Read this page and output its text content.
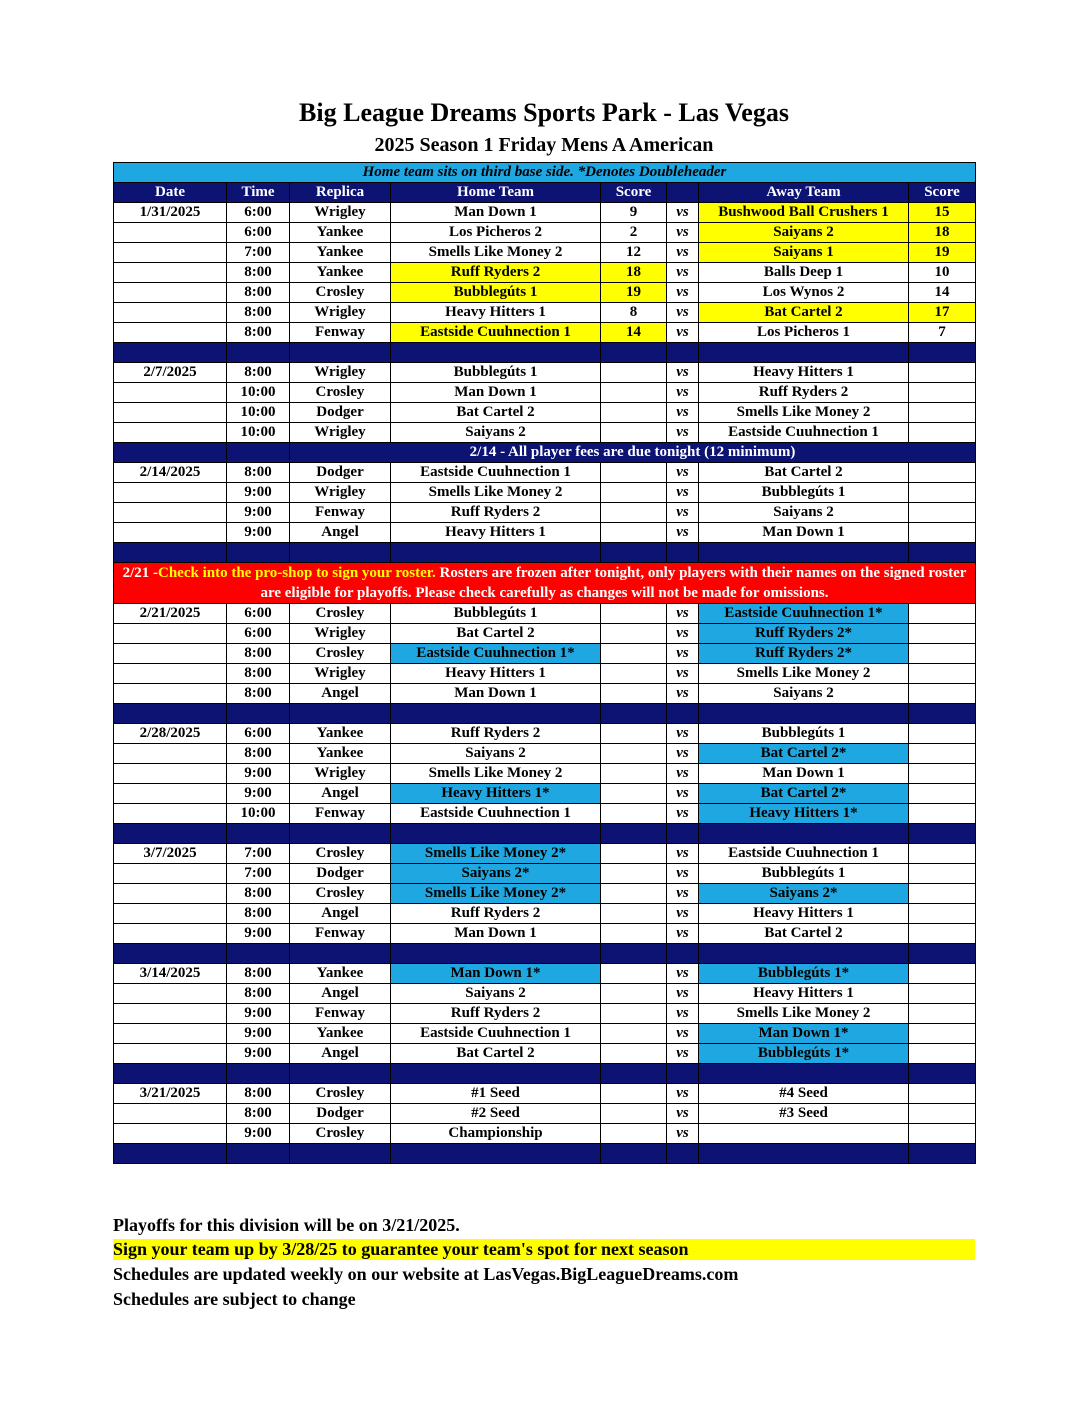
Big League Dreams Sports Park - Las Vegas
2025 Season 1 Friday Mens A American
Home team sits on third base side. *Denotes Doubleheader							
Date	Time	Replica	Home Team	Score		Away Team	Score
1/31/2025	6:00	Wrigley	Man Down 1	9	vs	Bushwood Ball Crushers 1	15
	6:00	Yankee	Los Picheros 2	2	vs	Saiyans 2	18
	7:00	Yankee	Smells Like Money 2	12	vs	Saiyans 1	19
	8:00	Yankee	Ruff Ryders 2	18	vs	Balls Deep 1	10
	8:00	Crosley	Bubblegúts 1	19	vs	Los Wynos 2	14
	8:00	Wrigley	Heavy Hitters 1	8	vs	Bat Cartel 2	17
	8:00	Fenway	Eastside Cuuhnection 1	14	vs	Los Picheros 1	7

2/7/2025	8:00	Wrigley	Bubblegúts 1		vs	Heavy Hitters 1	
	10:00	Crosley	Man Down 1		vs	Ruff Ryders 2	
	10:00	Dodger	Bat Cartel 2		vs	Smells Like Money 2	
	10:00	Wrigley	Saiyans 2		vs	Eastside Cuuhnection 1	
		2/14 - All player fees are due tonight (12 minimum)					
2/14/2025	8:00	Dodger	Eastside Cuuhnection 1		vs	Bat Cartel 2	
	9:00	Wrigley	Smells Like Money 2		vs	Bubblegúts 1	
	9:00	Fenway	Ruff Ryders 2		vs	Saiyans 2	
	9:00	Angel	Heavy Hitters 1		vs	Man Down 1	

2/21 -Check into the pro-shop to sign your roster. Rosters are frozen after tonight, only players with their names on the signed roster are eligible for playoffs. Please check carefully as changes will not be made for omissions.							
2/21/2025	6:00	Crosley	Bubblegúts 1		vs	Eastside Cuuhnection 1*	
	6:00	Wrigley	Bat Cartel 2		vs	Ruff Ryders 2*	
	8:00	Crosley	Eastside Cuuhnection 1*		vs	Ruff Ryders 2*	
	8:00	Wrigley	Heavy Hitters 1		vs	Smells Like Money 2	
	8:00	Angel	Man Down 1		vs	Saiyans 2	

2/28/2025	6:00	Yankee	Ruff Ryders 2		vs	Bubblegúts 1	
	8:00	Yankee	Saiyans 2		vs	Bat Cartel 2*	
	9:00	Wrigley	Smells Like Money 2		vs	Man Down 1	
	9:00	Angel	Heavy Hitters 1*		vs	Bat Cartel 2*	
	10:00	Fenway	Eastside Cuuhnection 1		vs	Heavy Hitters 1*	

3/7/2025	7:00	Crosley	Smells Like Money 2*		vs	Eastside Cuuhnection 1	
	7:00	Dodger	Saiyans 2*		vs	Bubblegúts 1	
	8:00	Crosley	Smells Like Money 2*		vs	Saiyans 2*	
	8:00	Angel	Ruff Ryders 2		vs	Heavy Hitters 1	
	9:00	Fenway	Man Down 1		vs	Bat Cartel 2	

3/14/2025	8:00	Yankee	Man Down 1*		vs	Bubblegúts 1*	
	8:00	Angel	Saiyans 2		vs	Heavy Hitters 1	
	9:00	Fenway	Ruff Ryders 2		vs	Smells Like Money 2	
	9:00	Yankee	Eastside Cuuhnection 1		vs	Man Down 1*	
	9:00	Angel	Bat Cartel 2		vs	Bubblegúts 1*	

3/21/2025	8:00	Crosley	#1 Seed		vs	#4 Seed	
	8:00	Dodger	#2 Seed		vs	#3 Seed	
	9:00	Crosley	Championship		vs		

Playoffs for this division will be on 3/21/2025.
Sign your team up by 3/28/25 to guarantee your team's spot for next season
Schedules are updated weekly on our website at LasVegas.BigLeagueDreams.com
Schedules are subject to change
